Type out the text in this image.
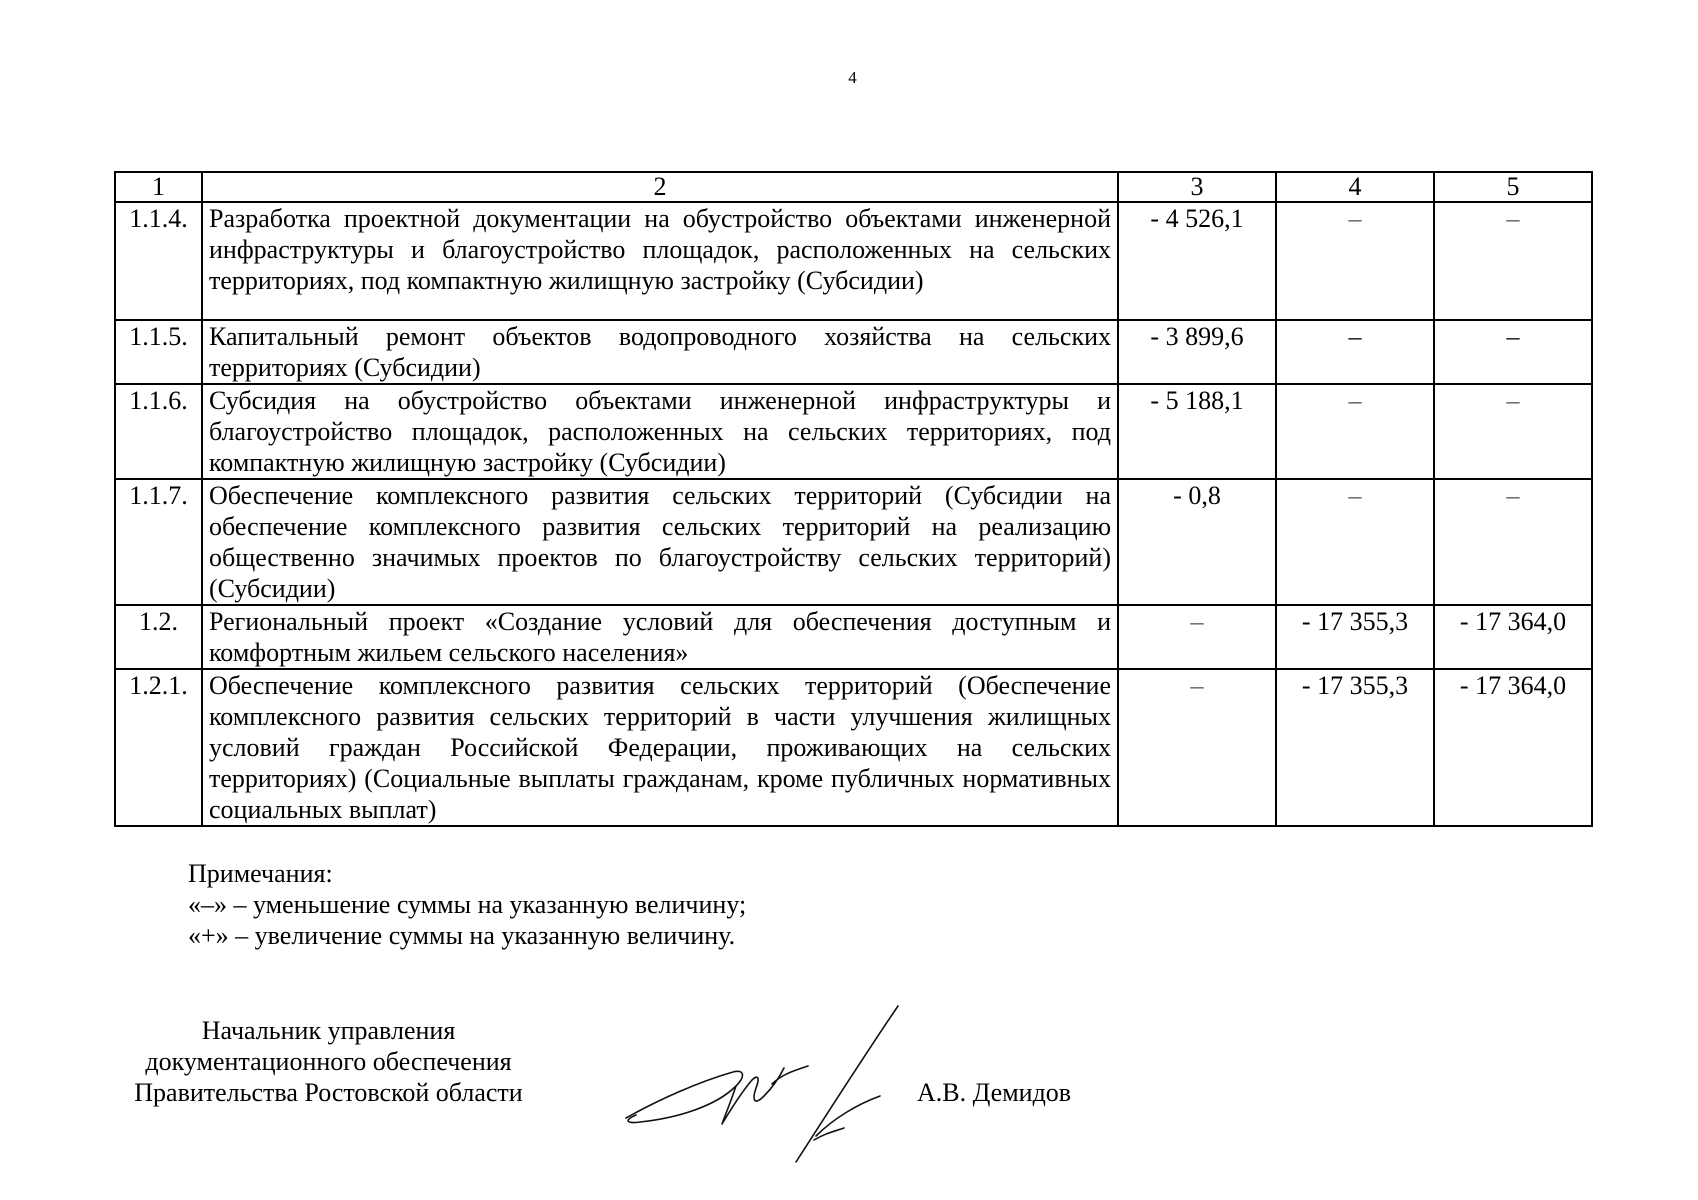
4
1	2	3	4	5
1.1.4.	Разработка проектной документации на обустройство объектами инженерной инфраструктуры и благоустройство площадок, расположенных на сельских территориях, под компактную жилищную застройку (Субсидии)	- 4 526,1	–	–
1.1.5.	Капитальный ремонт объектов водопроводного хозяйства на сельских территориях (Субсидии)	- 3 899,6	–	–
1.1.6.	Субсидия на обустройство объектами инженерной инфраструктуры и благоустройство площадок, расположенных на сельских территориях, под компактную жилищную застройку (Субсидии)	- 5 188,1	–	–
1.1.7.	Обеспечение комплексного развития сельских территорий (Субсидии на обеспечение комплексного развития сельских территорий на реализацию общественно значимых проектов по благоустройству сельских территорий) (Субсидии)	- 0,8	–	–
1.2.	Региональный проект «Создание условий для обеспечения доступным и комфортным жильем сельского населения»	–	- 17 355,3	- 17 364,0
1.2.1.	Обеспечение комплексного развития сельских территорий (Обеспечение комплексного развития сельских территорий в части улучшения жилищных условий граждан Российской Федерации, проживающих на сельских территориях) (Социальные выплаты гражданам, кроме публичных нормативных социальных выплат)	–	- 17 355,3	- 17 364,0
Примечания:
«–» – уменьшение суммы на указанную величину;
«+» – увеличение суммы на указанную величину.
Начальник управления
документационного обеспечения
Правительства Ростовской области	А.В. Демидов
